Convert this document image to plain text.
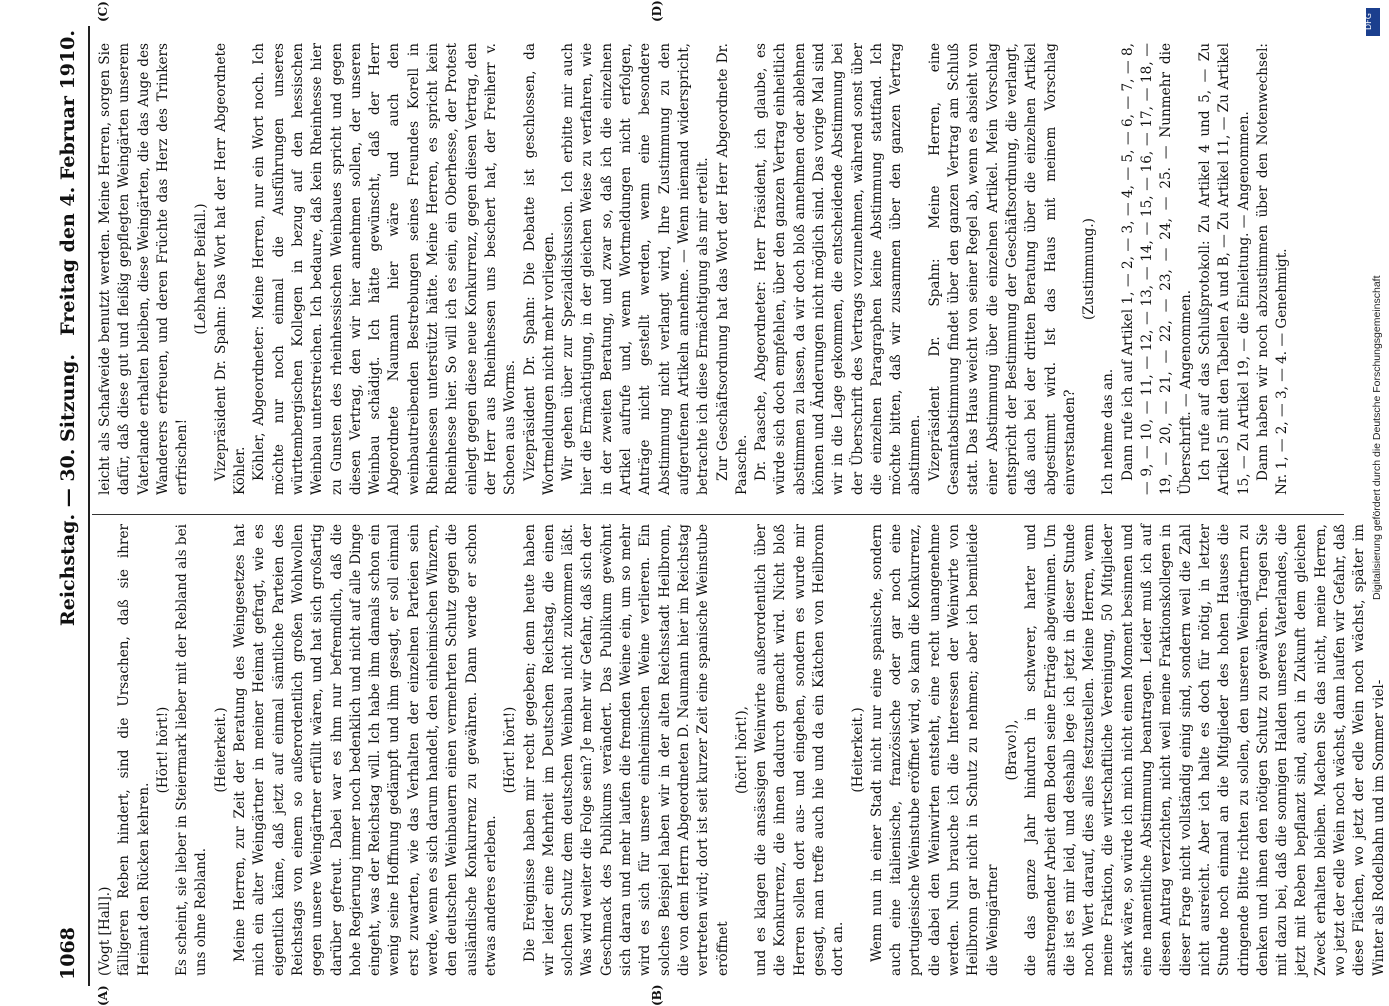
1068
Reichstag. — 30. Sitzung.
Freitag den 4. Februar 1910.
(A)	(B)
(C)	(D)

(Vogt [Hall].) fälligeren Reben hindert, sind die Ursachen, daß sie ihrer Heimat den Rücken kehren.

(Hört! hört!) Es scheint, sie lieber in Steiermark lieber mit der Rebland als bei uns ohne Rebland.

(Heiterkeit.) Meine Herren, zur Zeit der Beratung des Weingesetzes hat mich ein alter Weingärtner in meiner Heimat gefragt, wie es eigentlich käme, daß jetzt auf einmal sämtliche Parteien des Reichstags von einem so außerordentlich großen Wohlwollen gegen unsere Weingärtner erfüllt wären, und hat sich großartig darüber gefreut. Dabei war es ihm nur befremdlich, daß die hohe Regierung immer noch bedenklich und nicht auf alle Dinge eingeht, was der Reichstag will. Ich habe ihm damals schon ein wenig seine Hoffnung gedämpft und ihm gesagt, er soll einmal erst zuwarten, wie das Verhalten der einzelnen Parteien sein werde, wenn es sich darum handelt, den einheimischen Winzern, den deutschen Weinbauern einen vermehrten Schutz gegen die ausländische Konkurrenz zu gewähren. Dann werde er schon etwas anderes erleben.

(Hört! hört!) Die Ereignisse haben mir recht gegeben; denn heute haben wir leider eine Mehrheit im Deutschen Reichstag, die einen solchen Schutz dem deutschen Weinbau nicht zukommen läßt. Was wird weiter die Folge sein? Je mehr wir Gefahr, daß sich der Geschmack des Publikums verändert. Das Publikum gewöhnt sich daran und mehr laufen die fremden Weine ein, um so mehr wird es sich für unsere einheimischen Weine verlieren. Ein solches Beispiel haben wir in der alten Reichsstadt Heilbronn, die von dem Herrn Abgeordneten D. Naumann hier im Reichstag vertreten wird; dort ist seit kurzer Zeit eine spanische Weinstube eröffnet

(hört! hört!), und es klagen die ansässigen Weinwirte außerordentlich über die Konkurrenz, die ihnen dadurch gemacht wird. Nicht bloß Herren sollen dort aus- und eingehen, sondern es wurde mir gesagt, man treffe auch hie und da ein Kätchen von Heilbronn dort an.

(Heiterkeit.) Wenn nun in einer Stadt nicht nur eine spanische, sondern auch eine italienische, französische oder gar noch eine portugiesische Weinstube eröffnet wird, so kann die Konkurrenz, die dabei den Weinwirten entsteht, eine recht unangenehme werden. Nun brauche ich die Interessen der Weinwirte von Heilbronn gar nicht in Schutz zu nehmen; aber ich bemitleide die Weingärtner

(Bravo!), die das ganze Jahr hindurch in schwerer, harter und anstrengender Arbeit dem Boden seine Erträge abgewinnen. Um die ist es mir leid, und deshalb lege ich jetzt in dieser Stunde noch Wert darauf, dies alles festzustellen. Meine Herren, wenn meine Fraktion, die wirtschaftliche Vereinigung, 50 Mitglieder stark wäre, so würde ich mich nicht einen Moment besinnen und eine namentliche Abstimmung beantragen. Leider muß ich auf diesen Antrag verzichten, nicht weil meine Fraktionskollegen in dieser Frage nicht vollständig einig sind, sondern weil die Zahl nicht ausreicht. Aber ich halte es doch für nötig, in letzter Stunde noch einmal an die Mitglieder des hohen Hauses die dringende Bitte richten zu sollen, den unseren Weingärtnern zu denken und ihnen den nötigen Schutz zu gewähren. Tragen Sie mit dazu bei, daß die sonnigen Halden unseres Vaterlandes, die jetzt mit Reben bepflanzt sind, auch in Zukunft dem gleichen Zweck erhalten bleiben. Machen Sie das nicht, meine Herren, wo jetzt der edle Wein noch wächst, dann laufen wir Gefahr, daß diese Flächen, wo jetzt der edle Wein noch wächst, später im Winter als Rodelbahn und im Sommer viel-

leicht als Schafweide benutzt werden. Meine Herren, sorgen Sie dafür, daß diese gut und fleißig gepflegten Weingärten unserem Vaterlande erhalten bleiben, diese Weingärten, die das Auge des Wanderers erfreuen, und deren Früchte das Herz des Trinkers erfrischen!

(Lebhafter Beifall.) Vizepräsident Dr. Spahn: Das Wort hat der Herr Abgeordnete Köhler. Köhler, Abgeordneter: Meine Herren, nur ein Wort noch. Ich möchte nur noch einmal die Ausführungen unseres württembergischen Kollegen in bezug auf den hessischen Weinbau unterstreichen. Ich bedaure, daß kein Rheinhesse hier zu Gunsten des rheinhessischen Weinbaues spricht und gegen diesen Vertrag, den wir hier annehmen sollen, der unseren Weinbau schädigt. Ich hätte gewünscht, daß der Herr Abgeordnete Naumann hier wäre und auch den weinbautreibenden Bestrebungen seines Freundes Korell in Rheinhessen unterstützt hätte. Meine Herren, es spricht kein Rheinhesse hier. So will ich es sein, ein Oberhesse, der Protest einlegt gegen diese neue Konkurrenz, gegen diesen Vertrag, den der Herr aus Rheinhessen uns beschert hat, der Freiherr v. Schoen aus Worms. Vizepräsident Dr. Spahn: Die Debatte ist geschlossen, da Wortmeldungen nicht mehr vorliegen. Wir gehen über zur Spezialdiskussion. Ich erbitte mir auch hier die Ermächtigung, in der gleichen Weise zu verfahren, wie in der zweiten Beratung, und zwar so, daß ich die einzelnen Artikel aufrufe und, wenn Wortmeldungen nicht erfolgen, Anträge nicht gestellt werden, wenn eine besondere Abstimmung nicht verlangt wird, Ihre Zustimmung zu den aufgerufenen Artikeln annehme. — Wenn niemand widerspricht, betrachte ich diese Ermächtigung als mir erteilt. Zur Geschäftsordnung hat das Wort der Herr Abgeordnete Dr. Paasche. Dr. Paasche, Abgeordneter: Herr Präsident, ich glaube, es würde sich doch empfehlen, über den ganzen Vertrag einheitlich abstimmen zu lassen, da wir doch bloß annehmen oder ablehnen können und Änderungen nicht möglich sind. Das vorige Mal sind wir in die Lage gekommen, die entscheidende Abstimmung bei der Überschrift des Vertrags vorzunehmen, während sonst über die einzelnen Paragraphen keine Abstimmung stattfand. Ich möchte bitten, daß wir zusammen über den ganzen Vertrag abstimmen. Vizepräsident Dr. Spahn: Meine Herren, eine Gesamtabstimmung findet über den ganzen Vertrag am Schluß statt. Das Haus weicht von seiner Regel ab, wenn es absieht von einer Abstimmung über die einzelnen Artikel. Mein Vorschlag entspricht der Bestimmung der Geschäftsordnung, die verlangt, daß auch bei der dritten Beratung über die einzelnen Artikel abgestimmt wird. Ist das Haus mit meinem Vorschlag einverstanden?

(Zustimmung.)

Ich nehme das an. Dann rufe ich auf Artikel 1, — 2, — 3, — 4, — 5, — 6, — 7, — 8, — 9, — 10, — 11, — 12, — 13, — 14, — 15, — 16, — 17, — 18, — 19, — 20, — 21, — 22, — 23, — 24, — 25. — Nunmehr die Überschrift. — Angenommen. Ich rufe auf das Schlußprotokoll: Zu Artikel 4 und 5, — Zu Artikel 5 mit den Tabellen A und B, — Zu Artikel 11, — Zu Artikel 15, — Zu Artikel 19, — die Einleitung. — Angenommen. Dann haben wir noch abzustimmen über den Notenwechsel: Nr. 1, — 2, — 3, — 4. — Genehmigt.

DFG
Digitalisierung gefördert durch die Deutsche Forschungsgemeinschaft
